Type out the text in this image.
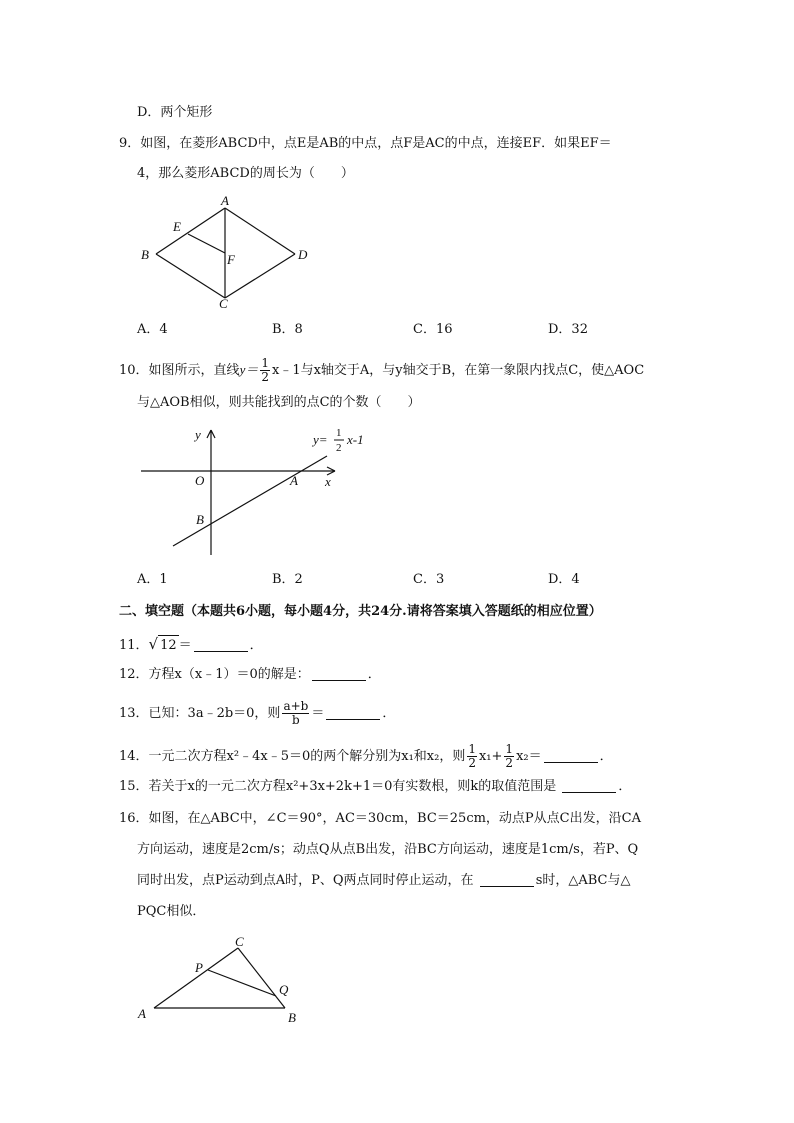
D．两个矩形
9．如图，在菱形ABCD中，点E是AB的中点，点F是AC的中点，连接EF．如果EF＝
4，那么菱形ABCD的周长为（　　）
A
B
C
D
E
F
A．4	B．8	C．16	D．32
10．如图所示，直线$y= \frac{1}{2}$ x﹣1与x轴交于A，与y轴交于B，在第一象限内找点C，使△AOC
与△AOB相似，则共能找到的点C的个数（　　）
y
x
O	A
B
y= 1
2
x-1
A．1	B．2	C．3	D．4
二、填空题（本题共6小题，每小题4分，共24分.请将答案填入答题纸的相应位置）
11．√ 12 ＝	．
12．方程x（x﹣1）＝0的解是：	．
13．已知：3a﹣2b＝0，则 $\frac{a+b}{b}$ ＝	．
14．一元二次方程x²﹣4x﹣5＝0的两个解分别为x₁和x₂，则 $\frac{1}{2} x_1+ \frac{1}{2} x_2=$	．
15．若关于x的一元二次方程x²+3x+2k+1＝0有实数根，则k的取值范围是	．
16．如图，在△ABC中，∠C＝90°，AC＝30cm，BC＝25cm，动点P从点C出发，沿CA
方向运动，速度是2cm/s；动点Q从点B出发，沿BC方向运动，速度是1cm/s，若P、Q
同时出发，点P运动到点A时，P、Q两点同时停止运动，在	s时，△ABC与△
PQC相似．
A	B
C
P
Q
